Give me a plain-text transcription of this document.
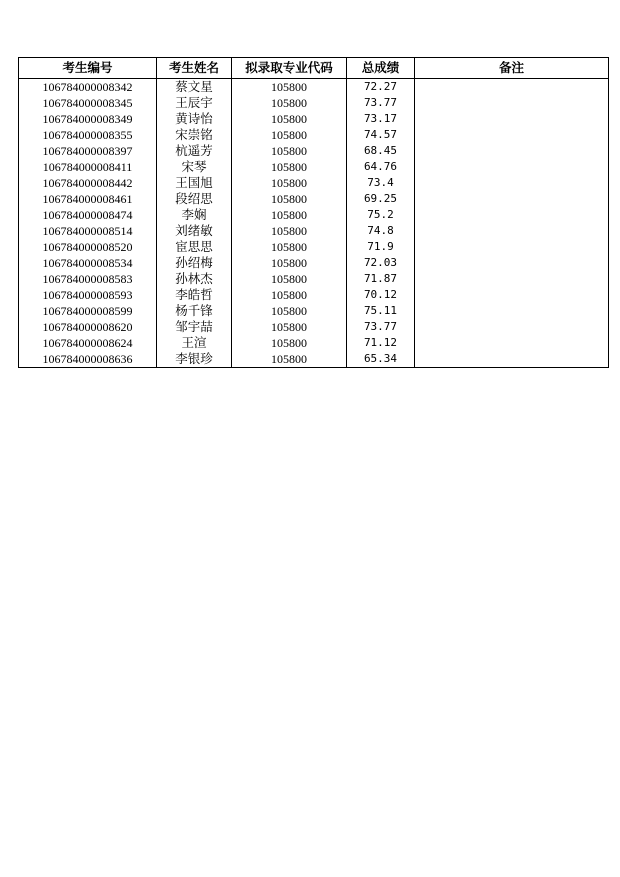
考生编号	考生姓名	拟录取专业代码	总成绩	备注
106784000008342	蔡文星	105800	72.27	
106784000008345	王辰宇	105800	73.77	
106784000008349	黄诗怡	105800	73.17	
106784000008355	宋崇铭	105800	74.57	
106784000008397	杭遥芳	105800	68.45	
106784000008411	宋琴	105800	64.76	
106784000008442	王国旭	105800	73.4	
106784000008461	段绍思	105800	69.25	
106784000008474	李娴	105800	75.2	
106784000008514	刘绪敏	105800	74.8	
106784000008520	宦思思	105800	71.9	
106784000008534	孙绍梅	105800	72.03	
106784000008583	孙林杰	105800	71.87	
106784000008593	李皓哲	105800	70.12	
106784000008599	杨千锋	105800	75.11	
106784000008620	邹宇喆	105800	73.77	
106784000008624	王渲	105800	71.12	
106784000008636	李银珍	105800	65.34	
